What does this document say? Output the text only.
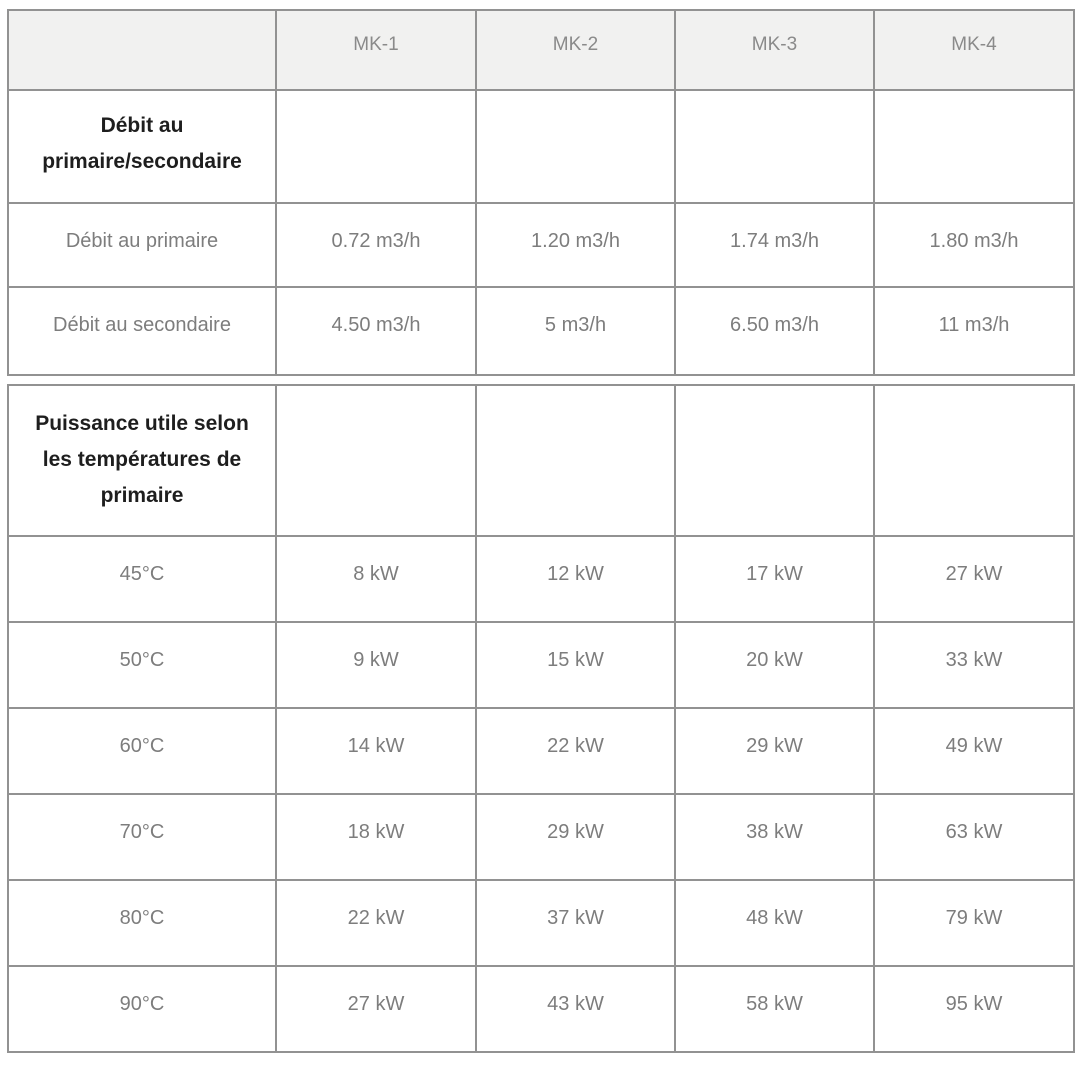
	MK-1	MK-2	MK-3	MK-4

Débit au
primaire/secondaire				

Débit au primaire	0.72 m3/h	1.20 m3/h	1.74 m3/h	1.80 m3/h
Débit au secondaire	4.50 m3/h	5 m3/h	6.50 m3/h	11 m3/h
Puissance utile selon
les températures de
primaire				

45°C	8 kW	12 kW	17 kW	27 kW
50°C	9 kW	15 kW	20 kW	33 kW
60°C	14 kW	22 kW	29 kW	49 kW
70°C	18 kW	29 kW	38 kW	63 kW
80°C	22 kW	37 kW	48 kW	79 kW
90°C	27 kW	43 kW	58 kW	95 kW
